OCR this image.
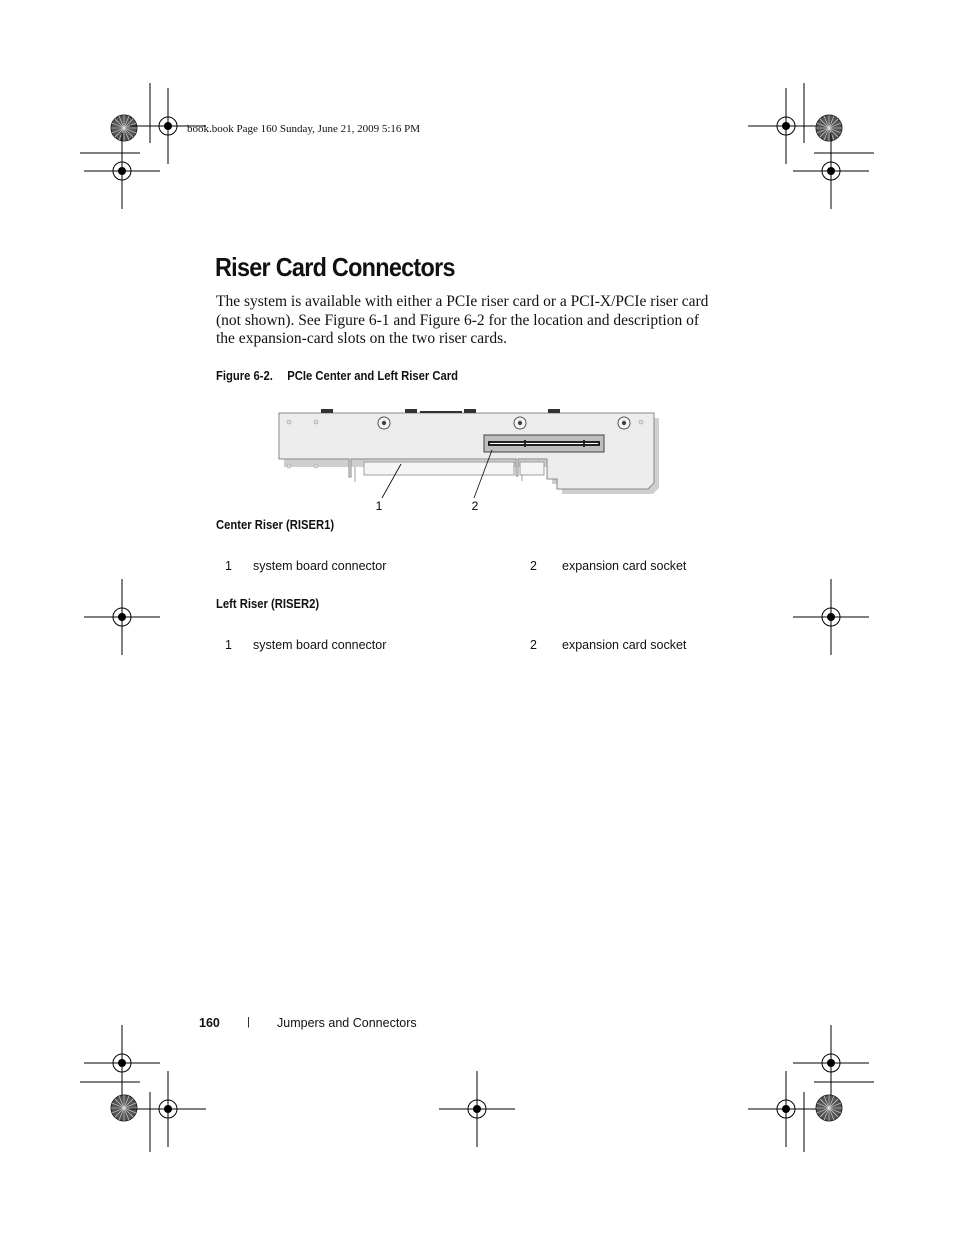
book.book Page 160 Sunday, June 21, 2009 5:16 PM
Riser Card Connectors
The system is available with either a PCIe riser card or a PCI-X/PCIe riser card
(not shown). See Figure 6-1 and Figure 6-2 for the location and description of
the expansion-card slots on the two riser cards.
Figure 6-2. PCIe Center and Left Riser Card
1	2
Center Riser (RISER1)
1 system board connector	2 expansion card socket
Left Riser (RISER2)
1 system board connector	2 expansion card socket
160 | Jumpers and Connectors
